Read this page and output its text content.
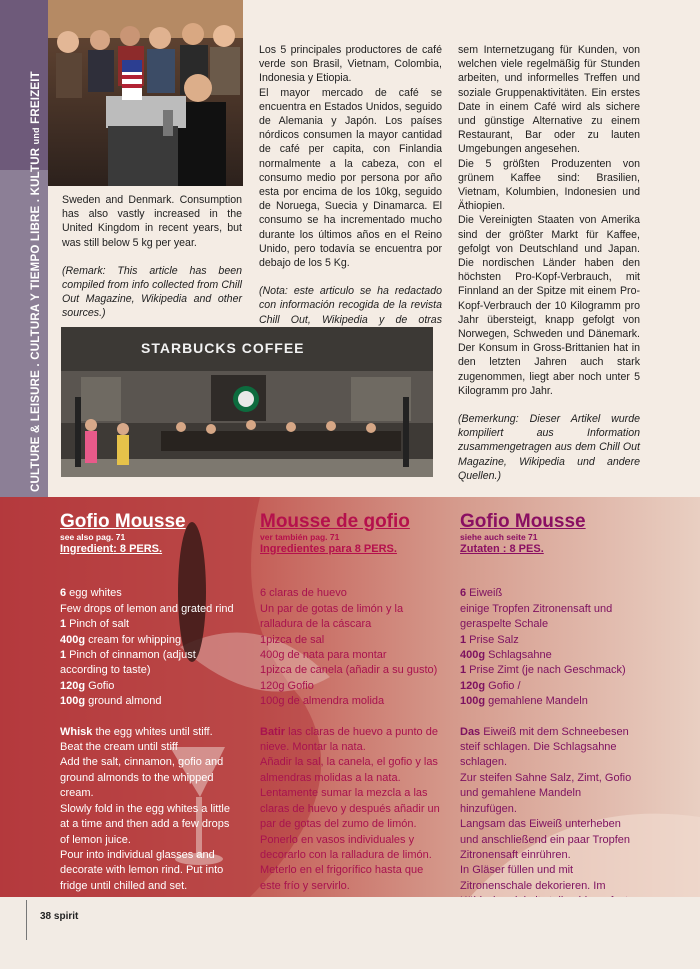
CULTURE & LEISURE . CULTURA Y TIEMPO LIBRE . KULTUR und FREIZEIT

Sweden and Denmark. Consumption has also vastly increased in the United Kingdom in recent years, but was still below 5 kg per year.

(Remark: This article has been compiled from info collected from Chill Out Magazine, Wikipedia and other sources.)

Los 5 principales productores de café verde son Brasil, Vietnam, Colombia, Indonesia y Etiopia.

El mayor mercado de café se encuentra en Estados Unidos, seguido de Alemania y Japón. Los países nórdicos consumen la mayor cantidad de café per capita, con Finlandia normalmente a la cabeza, con el consumo medio por persona por año esta por encima de los 10kg, seguido de Noruega, Suecia y Dinamarca. El consumo se ha incrementado mucho durante los últimos años en el Reino Unido, pero todavía se encuentra por debajo de los 5 Kg.

(Nota: este articulo se ha redactado con información recogida de la revista Chill Out, Wikipedia y de otras

sem Internetzugang für Kunden, von welchen viele regelmäßig für Stunden arbeiten, und informelles Treffen und soziale Gruppenaktivitäten. Ein erstes Date in einem Café wird als sichere und günstige Alternative zu einem Restaurant, Bar oder zu lauten Umgebungen angesehen.

Die 5 größten Produzenten von grünem Kaffee sind: Brasilien, Vietnam, Kolumbien, Indonesien und Äthiopien.

Die Vereinigten Staaten von Amerika sind der größter Markt für Kaffee, gefolgt von Deutschland und Japan. Die nordischen Länder haben den höchsten Pro-Kopf-Verbrauch, mit Finnland an der Spitze mit einem Pro-Kopf-Verbrauch der 10 Kilogramm pro Jahr übersteigt, knapp gefolgt von Norwegen, Schweden und Dänemark. Der Konsum in Gross-Brittanien hat in den letzten Jahren auch stark zugenommen, liegt aber noch unter 5 Kilogramm pro Jahr.

(Bemerkung: Dieser Artikel wurde kompiliert aus Information zusammengetragen aus dem Chill Out Magazine, Wikipedia und andere Quellen.)

STARBUCKS COFFEE
Gofio Mousse
see also pag. 71
Ingredient: 8 PERS.

6 egg whites

Few drops of lemon and grated rind

1 Pinch of salt

400g cream for whipping

1 Pinch of cinnamon (adjust according to taste)

120g Gofio

100g ground almond

Whisk the egg whites until stiff.

Beat the cream until stiff

Add the salt, cinnamon, gofio and ground almonds to the whipped cream.

Slowly fold in the egg whites a little at a time and then add a few drops of lemon juice.

Pour into individual glasses and decorate with lemon rind. Put into fridge until chilled and set.

Mousse de gofio
ver también pag. 71
Ingredientes para 8 PERS.

6 claras de huevo

Un par de gotas de limón y la ralladura de la cáscara

1pizca de sal

400g de nata para montar

1pizca de canela (añadir a su gusto)

120g Gofio

100g de almendra molida

Batir las claras de huevo a punto de nieve. Montar la nata.

Añadir la sal, la canela, el gofio y las almendras molidas a la nata.

Lentamente sumar la mezcla a las claras de huevo y después añadir un par de gotas del zumo de limón.

Ponerlo en vasos individuales y decorarlo con la ralladura de limón. Meterlo en el frigorífico hasta que este frío y servirlo.

Gofio Mousse
siehe auch seite 71
Zutaten : 8 PES.

6 Eiweiß

einige Tropfen Zitronensaft und geraspelte Schale

1 Prise Salz

400g Schlagsahne

1 Prise Zimt (je nach Geschmack)

120g Gofio /

100g gemahlene Mandeln

Das Eiweiß mit dem Schneebesen steif schlagen. Die Schlagsahne schlagen.

Zur steifen Sahne Salz, Zimt, Gofio und gemahlene Mandeln hinzufügen.

Langsam das Eiweiß unterheben und anschließend ein paar Tropfen Zitronensaft einrühren.

In Gläser füllen und mit Zitronenschale dekorieren. Im

38 spirit
